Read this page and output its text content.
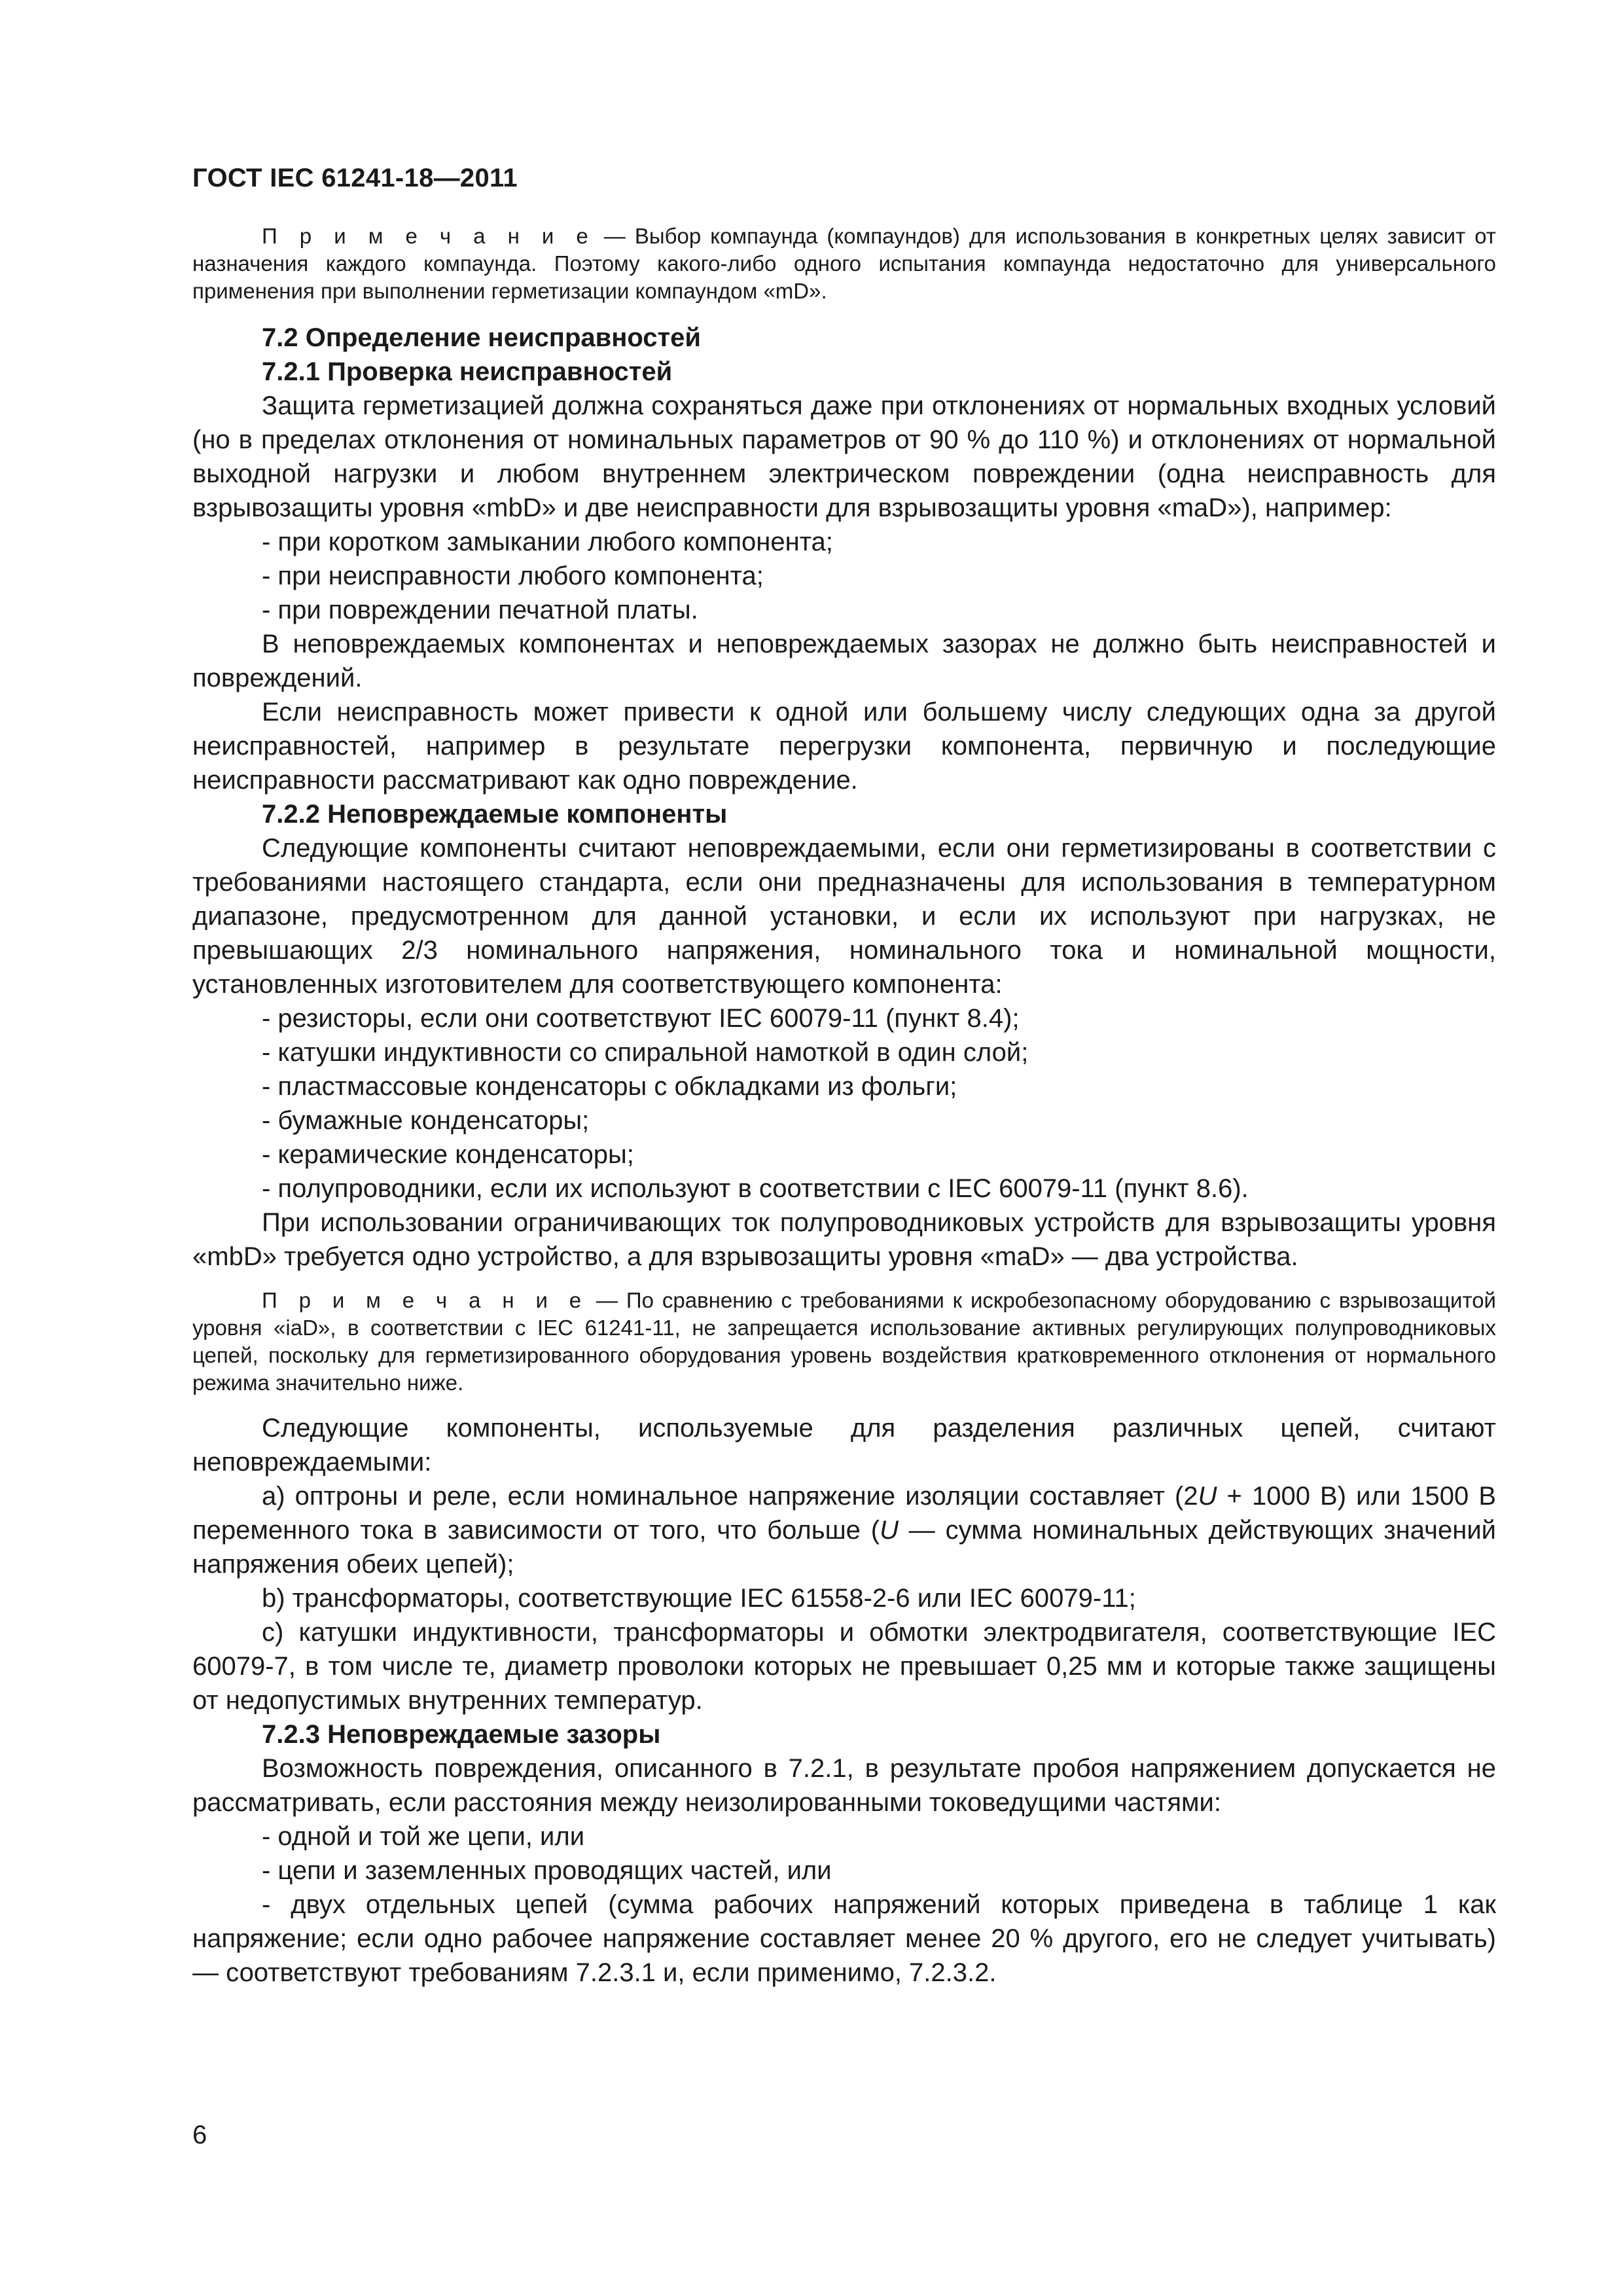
ГОСТ IEC 61241-18—2011

П р и м е ч а н и е — Выбор компаунда (компаундов) для использования в конкретных целях зависит от назначения каждого компаунда. Поэтому какого-либо одного испытания компаунда недостаточно для универсального применения при выполнении герметизации компаундом «mD».

7.2 Определение неисправностей

7.2.1 Проверка неисправностей

Защита герметизацией должна сохраняться даже при отклонениях от нормальных входных условий (но в пределах отклонения от номинальных параметров от 90 % до 110 %) и отклонениях от нормальной выходной нагрузки и любом внутреннем электрическом повреждении (одна неисправность для взрывозащиты уровня «mbD» и две неисправности для взрывозащиты уровня «maD»), например:

- при коротком замыкании любого компонента;

- при неисправности любого компонента;

- при повреждении печатной платы.

В неповреждаемых компонентах и неповреждаемых зазорах не должно быть неисправностей и повреждений.

Если неисправность может привести к одной или большему числу следующих одна за другой неисправностей, например в результате перегрузки компонента, первичную и последующие неисправности рассматривают как одно повреждение.

7.2.2 Неповреждаемые компоненты

Следующие компоненты считают неповреждаемыми, если они герметизированы в соответствии с требованиями настоящего стандарта, если они предназначены для использования в температурном диапазоне, предусмотренном для данной установки, и если их используют при нагрузках, не превышающих 2/3 номинального напряжения, номинального тока и номинальной мощности, установленных изготовителем для соответствующего компонента:

- резисторы, если они соответствуют IEC 60079-11 (пункт 8.4);

- катушки индуктивности со спиральной намоткой в один слой;

- пластмассовые конденсаторы с обкладками из фольги;

- бумажные конденсаторы;

- керамические конденсаторы;

- полупроводники, если их используют в соответствии с IEC 60079-11 (пункт 8.6).

При использовании ограничивающих ток полупроводниковых устройств для взрывозащиты уровня «mbD» требуется одно устройство, а для взрывозащиты уровня «maD» — два устройства.

П р и м е ч а н и е — По сравнению с требованиями к искробезопасному оборудованию с взрывозащитой уровня «iaD», в соответствии с IEC 61241-11, не запрещается использование активных регулирующих полупроводниковых цепей, поскольку для герметизированного оборудования уровень воздействия кратковременного отклонения от нормального режима значительно ниже.

Следующие компоненты, используемые для разделения различных цепей, считают неповреждаемыми:

a) оптроны и реле, если номинальное напряжение изоляции составляет (2U + 1000 В) или 1500 В переменного тока в зависимости от того, что больше (U — сумма номинальных действующих значений напряжения обеих цепей);

b) трансформаторы, соответствующие IEC 61558-2-6 или IEC 60079-11;

c) катушки индуктивности, трансформаторы и обмотки электродвигателя, соответствующие IEC 60079-7, в том числе те, диаметр проволоки которых не превышает 0,25 мм и которые также защищены от недопустимых внутренних температур.

7.2.3 Неповреждаемые зазоры

Возможность повреждения, описанного в 7.2.1, в результате пробоя напряжением допускается не рассматривать, если расстояния между неизолированными токоведущими частями:

- одной и той же цепи, или

- цепи и заземленных проводящих частей, или

- двух отдельных цепей (сумма рабочих напряжений которых приведена в таблице 1 как напряжение; если одно рабочее напряжение составляет менее 20 % другого, его не следует учитывать) — соответствуют требованиям 7.2.3.1 и, если применимо, 7.2.3.2.

6
